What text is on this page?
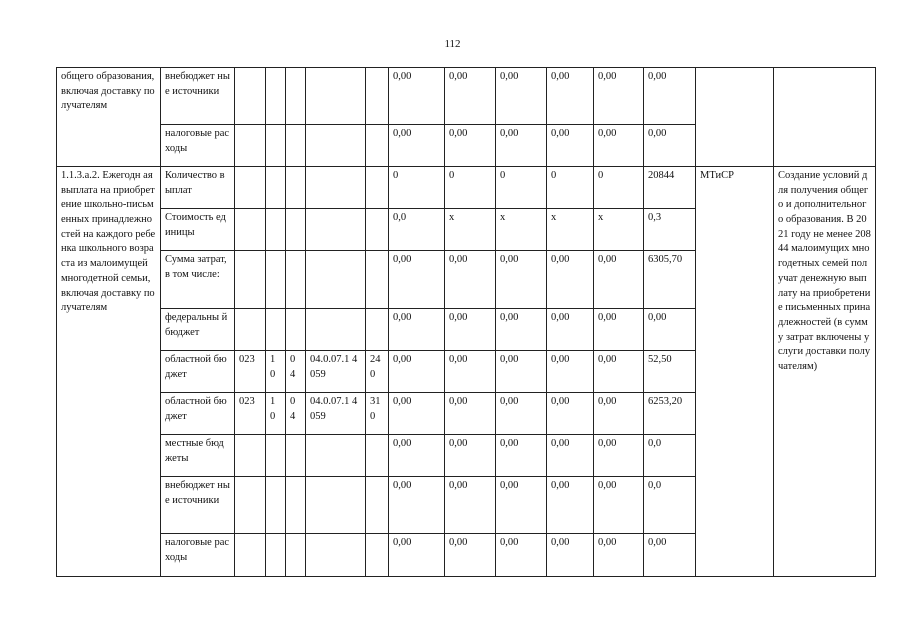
112
общего образования, включая доставку получателям	внебюджет ные источники						0,00	0,00	0,00	0,00	0,00	0,00		
	налоговые расходы						0,00	0,00	0,00	0,00	0,00	0,00		
1.1.3.а.2. Ежегодн ая выплата на приобретение школьно-письменных принадлежностей на каждого ребенка школьного возраста из малоимущей многодетной семьи, включая доставку получателям	Количество выплат						0	0	0	0	0	20844	МТиСР	Создание условий для получения общего и дополнительного образования. В 2021 году не менее 20844 малоимущих многодетных семей получат денежную выплату на приобретение письменных принадлежностей (в сумму затрат включены услуги доставки получателям)
	Стоимость единицы						0,0	x	x	x	x	0,3		
	Сумма затрат, в том числе:						0,00	0,00	0,00	0,00	0,00	6305,70		
	федеральны й бюджет						0,00	0,00	0,00	0,00	0,00	0,00		
	областной бюджет	023	1 0	0 4	04.0.07.1 4059	24 0	0,00	0,00	0,00	0,00	0,00	52,50		
	областной бюджет	023	1 0	0 4	04.0.07.1 4059	31 0	0,00	0,00	0,00	0,00	0,00	6253,20		
	местные бюджеты						0,00	0,00	0,00	0,00	0,00	0,0		
	внебюджет ные источники						0,00	0,00	0,00	0,00	0,00	0,0		
	налоговые расходы						0,00	0,00	0,00	0,00	0,00	0,00		
